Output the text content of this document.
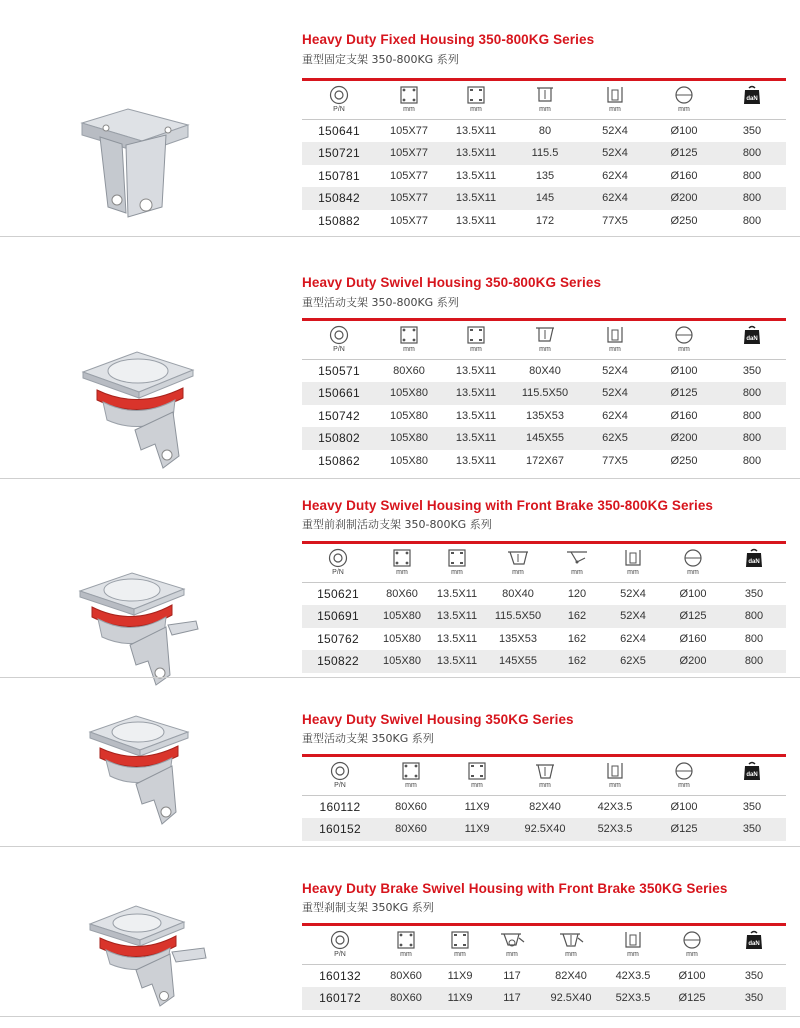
Heavy Duty Fixed Housing 350-800KG Series
重型固定支架 350-800KG 系列
P/N	mm	mm	mm	mm	mm	daN

150641	105X77	13.5X11	80	52X4	Ø100	350
150721	105X77	13.5X11	115.5	52X4	Ø125	800
150781	105X77	13.5X11	135	62X4	Ø160	800
150842	105X77	13.5X11	145	62X4	Ø200	800
150882	105X77	13.5X11	172	77X5	Ø250	800
Heavy Duty Swivel Housing 350-800KG Series
重型活动支架 350-800KG 系列
P/N	mm	mm	mm	mm	mm	daN

150571	80X60	13.5X11	80X40	52X4	Ø100	350
150661	105X80	13.5X11	115.5X50	52X4	Ø125	800
150742	105X80	13.5X11	135X53	62X4	Ø160	800
150802	105X80	13.5X11	145X55	62X5	Ø200	800
150862	105X80	13.5X11	172X67	77X5	Ø250	800
Heavy Duty Swivel Housing with Front Brake 350-800KG Series
重型前刹制活动支架 350-800KG 系列
P/N	mm	mm	mm	mm	mm	mm	daN

150621	80X60	13.5X11	80X40	120	52X4	Ø100	350
150691	105X80	13.5X11	115.5X50	162	52X4	Ø125	800
150762	105X80	13.5X11	135X53	162	62X4	Ø160	800
150822	105X80	13.5X11	145X55	162	62X5	Ø200	800
Heavy Duty Swivel Housing 350KG Series
重型活动支架 350KG 系列
P/N	mm	mm	mm	mm	mm	daN

160112	80X60	11X9	82X40	42X3.5	Ø100	350
160152	80X60	11X9	92.5X40	52X3.5	Ø125	350
Heavy Duty Brake Swivel Housing with Front Brake 350KG Series
重型刹制支架 350KG 系列
P/N	mm	mm	mm	mm	mm	mm	daN

160132	80X60	11X9	117	82X40	42X3.5	Ø100	350
160172	80X60	11X9	117	92.5X40	52X3.5	Ø125	350
